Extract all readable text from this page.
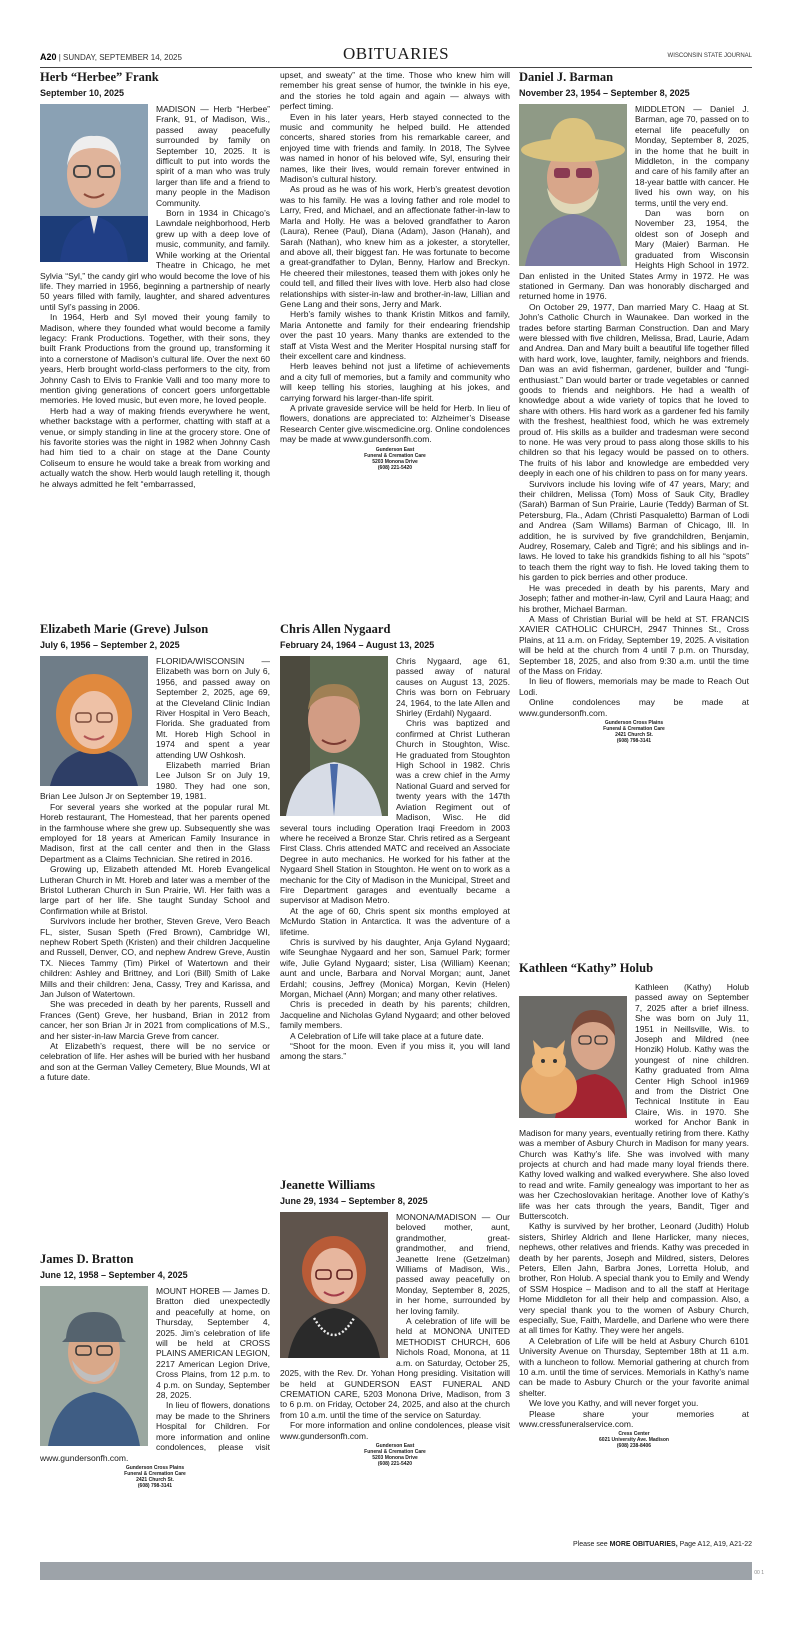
A20 | SUNDAY, SEPTEMBER 14, 2025	OBITUARIES	WISCONSIN STATE JOURNAL
Herb “Herbee” Frank
September 10, 2025

MADISON — Herb “Herbee” Frank, 91, of Madison, Wis., passed away peacefully surrounded by family on September 10, 2025. It is difficult to put into words the spirit of a man who was truly larger than life and a friend to many people in the Madison Community.

Born in 1934 in Chicago’s Lawndale neighborhood, Herb grew up with a deep love of music, community, and family. While working at the Oriental Theatre in Chicago, he met Sylvia “Syl,” the candy girl who would become the love of his life. They married in 1956, beginning a partnership of nearly 50 years filled with family, laughter, and shared adventures until Syl’s passing in 2006.

In 1964, Herb and Syl moved their young family to Madison, where they founded what would become a family legacy: Frank Productions. Together, with their sons, they built Frank Productions from the ground up, transforming it into a cornerstone of Madison’s cultural life. Over the next 60 years, Herb brought world-class performers to the city, from Johnny Cash to Elvis to Frankie Valli and too many more to mention giving generations of concert goers unforgettable memories. He loved music, but even more, he loved people.

Herb had a way of making friends everywhere he went, whether backstage with a performer, chatting with staff at a venue, or simply standing in line at the grocery store. One of his favorite stories was the night in 1982 when Johnny Cash had him tied to a chair on stage at the Dane County Coliseum to ensure he would take a break from working and actually watch the show. Herb would laugh retelling it, though he always admitted he felt “embarrassed,

Elizabeth Marie (Greve) Julson
July 6, 1956 – September 2, 2025

FLORIDA/WISCONSIN — Elizabeth was born on July 6, 1956, and passed away on September 2, 2025, age 69, at the Cleveland Clinic Indian River Hospital in Vero Beach, Florida. She graduated from Mt. Horeb High School in 1974 and spent a year attending UW Oshkosh.

Elizabeth married Brian Lee Julson Sr on July 19, 1980. They had one son, Brian Lee Julson Jr on September 19, 1981.

For several years she worked at the popular rural Mt. Horeb restaurant, The Homestead, that her parents opened in the farmhouse where she grew up. Subsequently she was employed for 18 years at American Family Insurance in Madison, first at the call center and then in the Glass Department as a Claims Technician. She retired in 2016.

Growing up, Elizabeth attended Mt. Horeb Evangelical Lutheran Church in Mt. Horeb and later was a member of the Bristol Lutheran Church in Sun Prairie, WI. Her faith was a large part of her life. She taught Sunday School and Confirmation while at Bristol.

Survivors include her brother, Steven Greve, Vero Beach FL, sister, Susan Speth (Fred Brown), Cambridge WI, nephew Robert Speth (Kristen) and their children Jacqueline and Russell, Denver, CO, and nephew Andrew Greve, Austin TX. Nieces Tammy (Tim) Pirkel of Watertown and their children: Ashley and Brittney, and Lori (Bill) Smith of Lake Mills and their children: Jena, Cassy, Trey and Karissa, and Jan Julson of Watertown.

She was preceded in death by her parents, Russell and Frances (Gent) Greve, her husband, Brian in 2012 from cancer, her son Brian Jr in 2021 from complications of M.S., and her sister-in-law Marcia Greve from cancer.

At Elizabeth’s request, there will be no service or celebration of life. Her ashes will be buried with her husband and son at the German Valley Cemetery, Blue Mounds, WI at a future date.

James D. Bratton
June 12, 1958 – September 4, 2025

MOUNT HOREB — James D. Bratton died unexpectedly and peacefully at home, on Thursday, September 4, 2025. Jim’s celebration of life will be held at CROSS PLAINS AMERICAN LEGION, 2217 American Legion Drive, Cross Plains, from 12 p.m. to 4 p.m. on Sunday, September 28, 2025.

In lieu of flowers, donations may be made to the Shriners Hospital for Children. For more information and online condolences, please visit www.gundersonfh.com.

Gunderson Cross Plains
Funeral & Cremation Care
2421 Church St.
(608) 798-3141

upset, and sweaty” at the time. Those who knew him will remember his great sense of humor, the twinkle in his eye, and the stories he told again and again — always with perfect timing.

Even in his later years, Herb stayed connected to the music and community he helped build. He attended concerts, shared stories from his remarkable career, and enjoyed time with friends and family. In 2018, The Sylvee was named in honor of his beloved wife, Syl, ensuring their names, like their lives, would remain forever entwined in Madison’s cultural history.

As proud as he was of his work, Herb’s greatest devotion was to his family. He was a loving father and role model to Larry, Fred, and Michael, and an affectionate father-in-law to Marla and Holly. He was a beloved grandfather to Aaron (Laura), Renee (Paul), Diana (Adam), Jason (Hanah), and Sarah (Nathan), who knew him as a jokester, a storyteller, and above all, their biggest fan. He was fortunate to become a great-grandfather to Dylan, Benny, Harlow and Breckyn. He cheered their milestones, teased them with jokes only he could tell, and filled their lives with love. Herb also had close relationships with sister-in-law and brother-in-law, Lillian and Gene Lang and their sons, Jerry and Mark.

Herb’s family wishes to thank Kristin Mitkos and family, Maria Antonette and family for their endearing friendship over the past 10 years. Many thanks are extended to the staff at Vista West and the Meriter Hospital nursing staff for their excellent care and kindness.

Herb leaves behind not just a lifetime of achievements and a city full of memories, but a family and community who will keep telling his stories, laughing at his jokes, and carrying forward his larger-than-life spirit.

A private graveside service will be held for Herb. In lieu of flowers, donations are appreciated to: Alzheimer’s Disease Research Center give.wiscmedicine.org. Online condolences may be made at www.gundersonfh.com.

Gunderson East
Funeral & Cremation Care
5203 Monona Drive
(608) 221-5420
Chris Allen Nygaard
February 24, 1964 – August 13, 2025

Chris Nygaard, age 61, passed away of natural causes on August 13, 2025. Chris was born on February 24, 1964, to the late Allen and Shirley (Erdahl) Nygaard.

Chris was baptized and confirmed at Christ Lutheran Church in Stoughton, Wisc. He graduated from Stoughton High School in 1982. Chris was a crew chief in the Army National Guard and served for twenty years with the 147th Aviation Regiment out of Madison, Wisc. He did several tours including Operation Iraqi Freedom in 2003 where he received a Bronze Star. Chris retired as a Sergeant First Class. Chris attended MATC and received an Associate Degree in auto mechanics. He worked for his father at the Nygaard Shell Station in Stoughton. He went on to work as a mechanic for the City of Madison in the Municipal, Street and Fire Department garages and eventually became a supervisor at Madison Metro.

At the age of 60, Chris spent six months employed at McMurdo Station in Antarctica. It was the adventure of a lifetime.

Chris is survived by his daughter, Anja Gyland Nygaard; wife Seunghae Nygaard and her son, Samuel Park; former wife, Julie Gyland Nygaard; sister, Lisa (William) Keenan; aunt and uncle, Barbara and Norval Morgan; aunt, Janet Erdahl; cousins, Jeffrey (Monica) Morgan, Kevin (Helen) Morgan, Michael (Ann) Morgan; and many other relatives.

Chris is preceded in death by his parents; children, Jacqueline and Nicholas Gyland Nygaard; and other beloved family members.

A Celebration of Life will take place at a future date.

“Shoot for the moon. Even if you miss it, you will land among the stars.”

Jeanette Williams
June 29, 1934 – September 8, 2025

MONONA/MADISON — Our beloved mother, aunt, grandmother, great-grandmother, and friend, Jeanette Irene (Getzelman) Williams of Madison, Wis., passed away peacefully on Monday, September 8, 2025, in her home, surrounded by her loving family.

A celebration of life will be held at MONONA UNITED METHODIST CHURCH, 606 Nichols Road, Monona, at 11 a.m. on Saturday, October 25, 2025, with the Rev. Dr. Yohan Hong presiding. Visitation will be held at GUNDERSON EAST FUNERAL AND CREMATION CARE, 5203 Monona Drive, Madison, from 3 to 6 p.m. on Friday, October 24, 2025, and also at the church from 10 a.m. until the time of the service on Saturday.

For more information and online condolences, please visit www.gundersonfh.com.

Gunderson East
Funeral & Cremation Care
5203 Monona Drive
(608) 221-5420
Daniel J. Barman
November 23, 1954 – September 8, 2025

MIDDLETON — Daniel J. Barman, age 70, passed on to eternal life peacefully on Monday, September 8, 2025, in the home that he built in Middleton, in the company and care of his family after an 18-year battle with cancer. He lived his own way, on his terms, until the very end.

Dan was born on November 23, 1954, the oldest son of Joseph and Mary (Maier) Barman. He graduated from Wisconsin Heights High School in 1972. Dan enlisted in the United States Army in 1972. He was stationed in Germany. Dan was honorably discharged and returned home in 1976.

On October 29, 1977, Dan married Mary C. Haag at St. John’s Catholic Church in Waunakee. Dan worked in the trades before starting Barman Construction. Dan and Mary were blessed with five children, Melissa, Brad, Laurie, Adam and Andrea. Dan and Mary built a beautiful life together filled with hard work, love, laughter, family, neighbors and friends. Dan was an avid fisherman, gardener, builder and “fungi-enthusiast.” Dan would barter or trade vegetables or canned goods to friends and neighbors. He had a wealth of knowledge about a wide variety of topics that he loved to share with others. His hard work as a gardener fed his family with the freshest, healthiest food, which he was extremely proud of. His skills as a builder and tradesman were second to none. He was very proud to pass along those skills to his children so that his legacy would be passed on to others. The fruits of his labor and knowledge are embedded very deeply in each one of his children to pass on for many years.

Survivors include his loving wife of 47 years, Mary; and their children, Melissa (Tom) Moss of Sauk City, Bradley (Sarah) Barman of Sun Prairie, Laurie (Teddy) Barman of St. Petersburg, Fla., Adam (Christi Pasqualetto) Barman of Lodi and Andrea (Sam Willams) Barman of Chicago, Ill. In addition, he is survived by five grandchildren, Benjamin, Audrey, Rosemary, Caleb and Tigré; and his siblings and in-laws. He loved to take his grandkids fishing to all his “spots” to teach them the right way to fish. He loved taking them to his garden to pick berries and other produce.

He was preceded in death by his parents, Mary and Joseph; father and mother-in-law, Cyril and Laura Haag; and his brother, Michael Barman.

A Mass of Christian Burial will be held at ST. FRANCIS XAVIER CATHOLIC CHURCH, 2947 Thinnes St., Cross Plains, at 11 a.m. on Friday, September 19, 2025. A visitation will be held at the church from 4 until 7 p.m. on Thursday, September 18, 2025, and also from 9:30 a.m. until the time of the Mass on Friday.

In lieu of flowers, memorials may be made to Reach Out Lodi.

Online condolences may be made at www.gundersonfh.com.

Gunderson Cross Plains
Funeral & Cremation Care
2421 Church St.
(608) 798-3141
Kathleen “Kathy” Holub

Kathleen (Kathy) Holub passed away on September 7, 2025 after a brief illness. She was born on July 11, 1951 in Neillsville, Wis. to Joseph and Mildred (nee Honzik) Holub. Kathy was the youngest of nine children. Kathy graduated from Alma Center High School in1969 and from the District One Technical Institute in Eau Claire, Wis. in 1970. She worked for Anchor Bank in Madison for many years, eventually retiring from there. Kathy was a member of Asbury Church in Madison for many years. Church was Kathy’s life. She was involved with many projects at church and had made many loyal friends there. Kathy loved walking and walked everywhere. She also loved to read and write. Family genealogy was important to her as was her Czechoslovakian heritage. Another love of Kathy’s life was her cats through the years, Bandit, Tiger and Butterscotch.

Kathy is survived by her brother, Leonard (Judith) Holub sisters, Shirley Aldrich and Ilene Harlicker, many nieces, nephews, other relatives and friends. Kathy was preceded in death by her parents, Joseph and Mildred, sisters, Delores Peters, Ellen Jahn, Barbra Jones, Lorretta Holub, and brother, Ron Holub. A special thank you to Emily and Wendy of SSM Hospice – Madison and to all the staff at Heritage Home Middleton for all their help and compassion. Also, a very special thank you to the women of Asbury Church, especially, Sue, Faith, Mardelle, and Darlene who were there at all times for Kathy. They were her angels.

A Celebration of Life will be held at Asbury Church 6101 University Avenue on Thursday, September 18th at 11 a.m. with a luncheon to follow. Memorial gathering at church from 10 a.m. until the time of services. Memorials in Kathy’s name can be made to Asbury Church or the your favorite animal shelter.

We love you Kathy, and will never forget you.

Please share your memories at www.cressfuneralservice.com.

Cress Center
6021 University Ave. Madison
(608) 238-8406
Please see MORE OBITUARIES, Page A12, A19, A21-22
00 1
